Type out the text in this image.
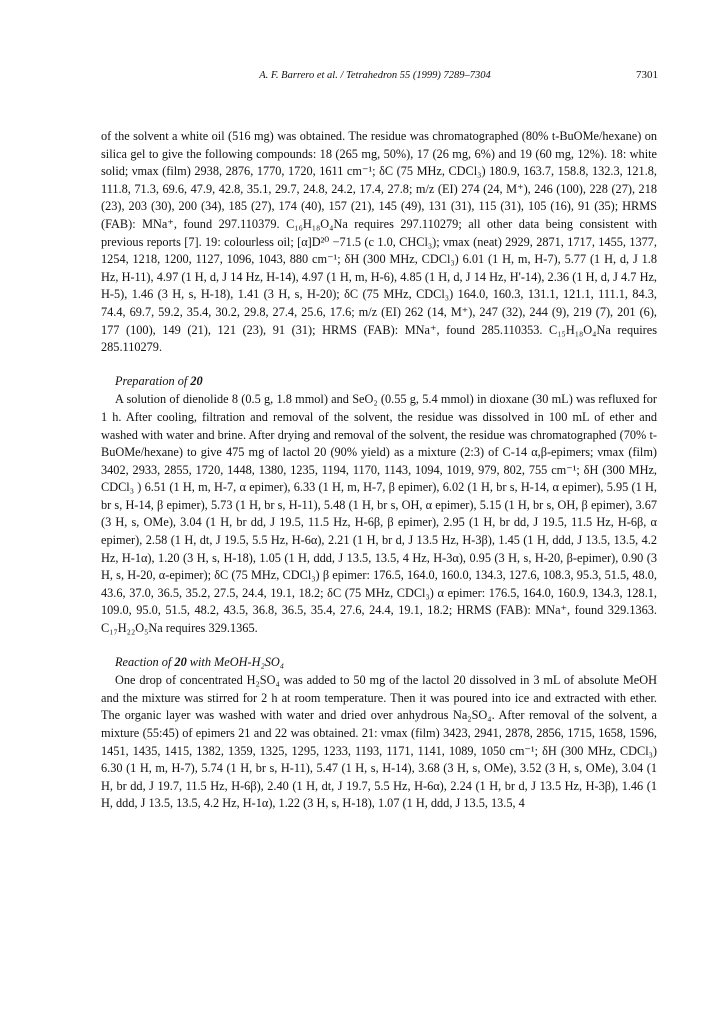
A. F. Barrero et al. / Tetrahedron 55 (1999) 7289–7304	7301

of the solvent a white oil (516 mg) was obtained. The residue was chromatographed (80% t-BuOMe/hexane) on silica gel to give the following compounds: 18 (265 mg, 50%), 17 (26 mg, 6%) and 19 (60 mg, 12%). 18: white solid; νmax (film) 2938, 2876, 1770, 1720, 1611 cm⁻¹; δC (75 MHz, CDCl₃) 180.9, 163.7, 158.8, 132.3, 121.8, 111.8, 71.3, 69.6, 47.9, 42.8, 35.1, 29.7, 24.8, 24.2, 17.4, 27.8; m/z (EI) 274 (24, M⁺), 246 (100), 228 (27), 218 (23), 203 (30), 200 (34), 185 (27), 174 (40), 157 (21), 145 (49), 131 (31), 115 (31), 105 (16), 91 (35); HRMS (FAB): MNa⁺, found 297.110379. C₁₆H₁₈O₄Na requires 297.110279; all other data being consistent with previous reports [7]. 19: colourless oil; [α]D²⁰ −71.5 (c 1.0, CHCl₃); νmax (neat) 2929, 2871, 1717, 1455, 1377, 1254, 1218, 1200, 1127, 1096, 1043, 880 cm⁻¹; δH (300 MHz, CDCl₃) 6.01 (1 H, m, H-7), 5.77 (1 H, d, J 1.8 Hz, H-11), 4.97 (1 H, d, J 14 Hz, H-14), 4.97 (1 H, m, H-6), 4.85 (1 H, d, J 14 Hz, H'-14), 2.36 (1 H, d, J 4.7 Hz, H-5), 1.46 (3 H, s, H-18), 1.41 (3 H, s, H-20); δC (75 MHz, CDCl₃) 164.0, 160.3, 131.1, 121.1, 111.1, 84.3, 74.4, 69.7, 59.2, 35.4, 30.2, 29.8, 27.4, 25.6, 17.6; m/z (EI) 262 (14, M⁺), 247 (32), 244 (9), 219 (7), 201 (6), 177 (100), 149 (21), 121 (23), 91 (31); HRMS (FAB): MNa⁺, found 285.110353. C₁₅H₁₈O₄Na requires 285.110279.

Preparation of 20

A solution of dienolide 8 (0.5 g, 1.8 mmol) and SeO₂ (0.55 g, 5.4 mmol) in dioxane (30 mL) was refluxed for 1 h. After cooling, filtration and removal of the solvent, the residue was dissolved in 100 mL of ether and washed with water and brine. After drying and removal of the solvent, the residue was chromatographed (70% t-BuOMe/hexane) to give 475 mg of lactol 20 (90% yield) as a mixture (2:3) of C-14 α,β-epimers; νmax (film) 3402, 2933, 2855, 1720, 1448, 1380, 1235, 1194, 1170, 1143, 1094, 1019, 979, 802, 755 cm⁻¹; δH (300 MHz, CDCl₃ ) 6.51 (1 H, m, H-7, α epimer), 6.33 (1 H, m, H-7, β epimer), 6.02 (1 H, br s, H-14, α epimer), 5.95 (1 H, br s, H-14, β epimer), 5.73 (1 H, br s, H-11), 5.48 (1 H, br s, OH, α epimer), 5.15 (1 H, br s, OH, β epimer), 3.67 (3 H, s, OMe), 3.04 (1 H, br dd, J 19.5, 11.5 Hz, H-6β, β epimer), 2.95 (1 H, br dd, J 19.5, 11.5 Hz, H-6β, α epimer), 2.58 (1 H, dt, J 19.5, 5.5 Hz, H-6α), 2.21 (1 H, br d, J 13.5 Hz, H-3β), 1.45 (1 H, ddd, J 13.5, 13.5, 4.2 Hz, H-1α), 1.20 (3 H, s, H-18), 1.05 (1 H, ddd, J 13.5, 13.5, 4 Hz, H-3α), 0.95 (3 H, s, H-20, β-epimer), 0.90 (3 H, s, H-20, α-epimer); δC (75 MHz, CDCl₃) β epimer: 176.5, 164.0, 160.0, 134.3, 127.6, 108.3, 95.3, 51.5, 48.0, 43.6, 37.0, 36.5, 35.2, 27.5, 24.4, 19.1, 18.2; δC (75 MHz, CDCl₃) α epimer: 176.5, 164.0, 160.9, 134.3, 128.1, 109.0, 95.0, 51.5, 48.2, 43.5, 36.8, 36.5, 35.4, 27.6, 24.4, 19.1, 18.2; HRMS (FAB): MNa⁺, found 329.1363. C₁₇H₂₂O₅Na requires 329.1365.

Reaction of 20 with MeOH-H₂SO₄

One drop of concentrated H₂SO₄ was added to 50 mg of the lactol 20 dissolved in 3 mL of absolute MeOH and the mixture was stirred for 2 h at room temperature. Then it was poured into ice and extracted with ether. The organic layer was washed with water and dried over anhydrous Na₂SO₄. After removal of the solvent, a mixture (55:45) of epimers 21 and 22 was obtained. 21: νmax (film) 3423, 2941, 2878, 2856, 1715, 1658, 1596, 1451, 1435, 1415, 1382, 1359, 1325, 1295, 1233, 1193, 1171, 1141, 1089, 1050 cm⁻¹; δH (300 MHz, CDCl₃) 6.30 (1 H, m, H-7), 5.74 (1 H, br s, H-11), 5.47 (1 H, s, H-14), 3.68 (3 H, s, OMe), 3.52 (3 H, s, OMe), 3.04 (1 H, br dd, J 19.7, 11.5 Hz, H-6β), 2.40 (1 H, dt, J 19.7, 5.5 Hz, H-6α), 2.24 (1 H, br d, J 13.5 Hz, H-3β), 1.46 (1 H, ddd, J 13.5, 13.5, 4.2 Hz, H-1α), 1.22 (3 H, s, H-18), 1.07 (1 H, ddd, J 13.5, 13.5, 4
